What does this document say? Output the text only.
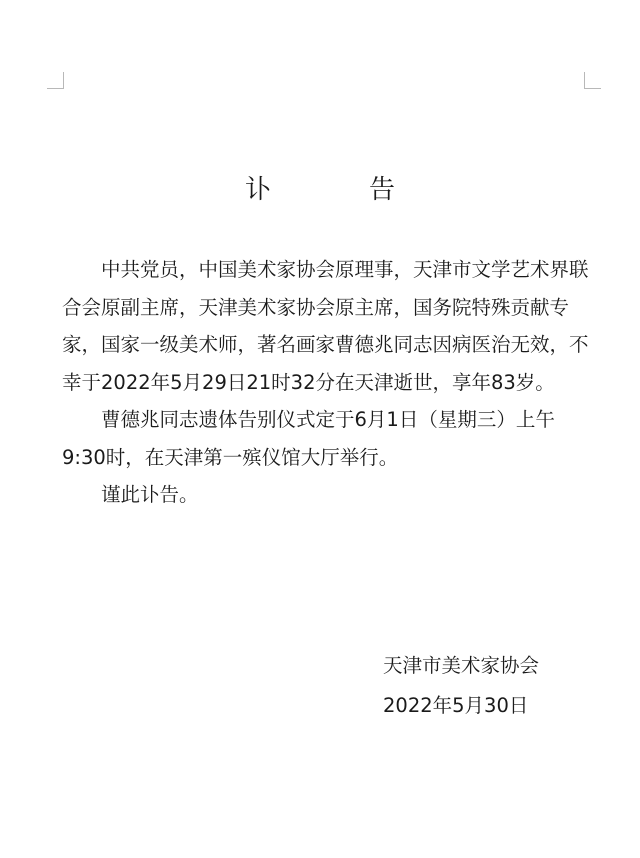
讣　告

中共党员，中国美术家协会原理事，天津市文学艺术界联合会原副主席，天津美术家协会原主席，国务院特殊贡献专家，国家一级美术师，著名画家曹德兆同志因病医治无效，不幸于2022年5月29日21时32分在天津逝世，享年83岁。

曹德兆同志遗体告别仪式定于6月1日（星期三）上午9:30时，在天津第一殡仪馆大厅举行。

谨此讣告。

天津市美术家协会
2022年5月30日
